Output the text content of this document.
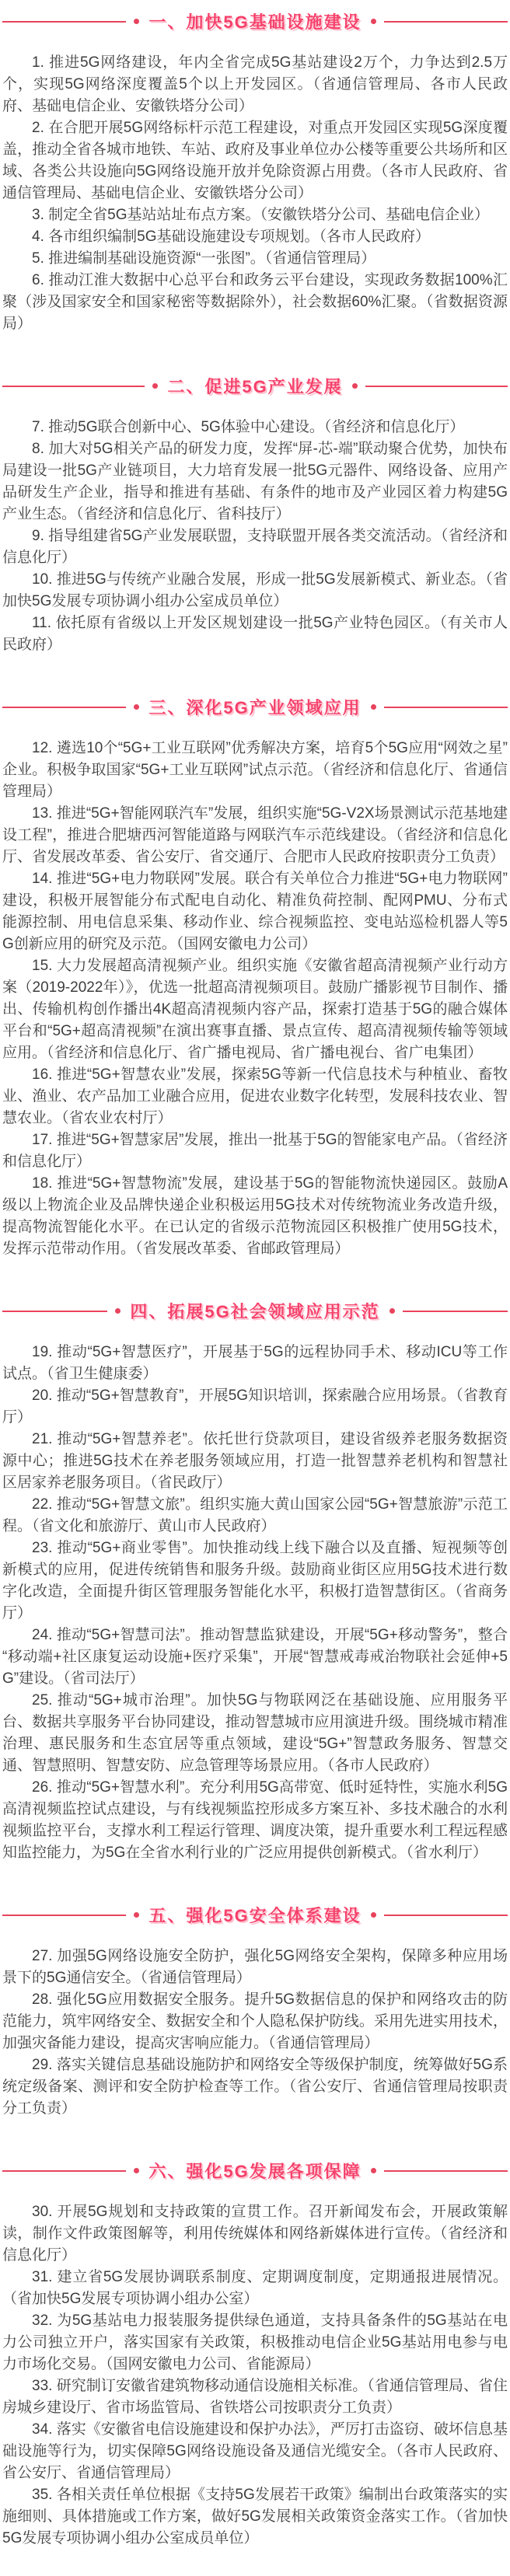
一、加快5G基础设施建设

1. 推进5G网络建设，年内全省完成5G基站建设2万个，力争达到2.5万个，实现5G网络深度覆盖5个以上开发园区。（省通信管理局、各市人民政府、基础电信企业、安徽铁塔分公司）

2. 在合肥开展5G网络标杆示范工程建设，对重点开发园区实现5G深度覆盖，推动全省各城市地铁、车站、政府及事业单位办公楼等重要公共场所和区域、各类公共设施向5G网络设施开放并免除资源占用费。（各市人民政府、省通信管理局、基础电信企业、安徽铁塔分公司）

3. 制定全省5G基站站址布点方案。（安徽铁塔分公司、基础电信企业）

4. 各市组织编制5G基础设施建设专项规划。（各市人民政府）

5. 推进编制基础设施资源“一张图”。（省通信管理局）

6. 推动江淮大数据中心总平台和政务云平台建设，实现政务数据100%汇聚（涉及国家安全和国家秘密等数据除外），社会数据60%汇聚。（省数据资源局）

二、促进5G产业发展

7. 推动5G联合创新中心、5G体验中心建设。（省经济和信息化厅）

8. 加大对5G相关产品的研发力度，发挥“屏-芯-端”联动聚合优势，加快布局建设一批5G产业链项目，大力培育发展一批5G元器件、网络设备、应用产品研发生产企业，指导和推进有基础、有条件的地市及产业园区着力构建5G产业生态。（省经济和信息化厅、省科技厅）

9. 指导组建省5G产业发展联盟，支持联盟开展各类交流活动。（省经济和信息化厅）

10. 推进5G与传统产业融合发展，形成一批5G发展新模式、新业态。（省加快5G发展专项协调小组办公室成员单位）

11. 依托原有省级以上开发区规划建设一批5G产业特色园区。（有关市人民政府）

三、深化5G产业领域应用

12. 遴选10个“5G+工业互联网”优秀解决方案，培育5个5G应用“网效之星”企业。积极争取国家“5G+工业互联网”试点示范。（省经济和信息化厅、省通信管理局）

13. 推进“5G+智能网联汽车”发展，组织实施“5G-V2X场景测试示范基地建设工程”，推进合肥塘西河智能道路与网联汽车示范线建设。（省经济和信息化厅、省发展改革委、省公安厅、省交通厅、合肥市人民政府按职责分工负责）

14. 推进“5G+电力物联网”发展。联合有关单位合力推进“5G+电力物联网”建设，积极开展智能分布式配电自动化、精准负荷控制、配网PMU、分布式能源控制、用电信息采集、移动作业、综合视频监控、变电站巡检机器人等5G创新应用的研究及示范。（国网安徽电力公司）

15. 大力发展超高清视频产业。组织实施《安徽省超高清视频产业行动方案（2019-2022年）》，优选一批超高清视频项目。鼓励广播影视节目制作、播出、传输机构创作播出4K超高清视频内容产品，探索打造基于5G的融合媒体平台和“5G+超高清视频”在演出赛事直播、景点宣传、超高清视频传输等领域应用。（省经济和信息化厅、省广播电视局、省广播电视台、省广电集团）

16. 推进“5G+智慧农业”发展，探索5G等新一代信息技术与种植业、畜牧业、渔业、农产品加工业融合应用，促进农业数字化转型，发展科技农业、智慧农业。（省农业农村厅）

17. 推进“5G+智慧家居”发展，推出一批基于5G的智能家电产品。（省经济和信息化厅）

18. 推进“5G+智慧物流”发展，建设基于5G的智能物流快递园区。鼓励A级以上物流企业及品牌快递企业积极运用5G技术对传统物流业务改造升级，提高物流智能化水平。在已认定的省级示范物流园区积极推广使用5G技术，发挥示范带动作用。（省发展改革委、省邮政管理局）

四、拓展5G社会领域应用示范

19. 推动“5G+智慧医疗”，开展基于5G的远程协同手术、移动ICU等工作试点。（省卫生健康委）

20. 推动“5G+智慧教育”，开展5G知识培训，探索融合应用场景。（省教育厅）

21. 推动“5G+智慧养老”。依托世行贷款项目，建设省级养老服务数据资源中心；推进5G技术在养老服务领域应用，打造一批智慧养老机构和智慧社区居家养老服务项目。（省民政厅）

22. 推动“5G+智慧文旅”。组织实施大黄山国家公园“5G+智慧旅游”示范工程。（省文化和旅游厅、黄山市人民政府）

23. 推动“5G+商业零售”。加快推动线上线下融合以及直播、短视频等创新模式的应用，促进传统销售和服务升级。鼓励商业街区应用5G技术进行数字化改造，全面提升街区管理服务智能化水平，积极打造智慧街区。（省商务厅）

24. 推动“5G+智慧司法”。推动智慧监狱建设，开展“5G+移动警务”，整合“移动端+社区康复运动设施+医疗采集”，开展“智慧戒毒戒治物联社会延伸+5G”建设。（省司法厅）

25. 推动“5G+城市治理”。加快5G与物联网泛在基础设施、应用服务平台、数据共享服务平台协同建设，推动智慧城市应用演进升级。围绕城市精准治理、惠民服务和生态宜居等重点领域，建设“5G+”智慧政务服务、智慧交通、智慧照明、智慧安防、应急管理等场景应用。（各市人民政府）

26. 推动“5G+智慧水利”。充分利用5G高带宽、低时延特性，实施水利5G高清视频监控试点建设，与有线视频监控形成多方案互补、多技术融合的水利视频监控平台，支撑水利工程运行管理、调度决策，提升重要水利工程远程感知监控能力，为5G在全省水利行业的广泛应用提供创新模式。（省水利厅）

五、强化5G安全体系建设

27. 加强5G网络设施安全防护，强化5G网络安全架构，保障多种应用场景下的5G通信安全。（省通信管理局）

28. 强化5G应用数据安全服务。提升5G数据信息的保护和网络攻击的防范能力，筑牢网络安全、数据安全和个人隐私保护防线。采用先进实用技术，加强灾备能力建设，提高灾害响应能力。（省通信管理局）

29. 落实关键信息基础设施防护和网络安全等级保护制度，统筹做好5G系统定级备案、测评和安全防护检查等工作。（省公安厅、省通信管理局按职责分工负责）

六、强化5G发展各项保障

30. 开展5G规划和支持政策的宣贯工作。召开新闻发布会，开展政策解读，制作文件政策图解等，利用传统媒体和网络新媒体进行宣传。（省经济和信息化厅）

31. 建立省5G发展协调联系制度、定期调度制度，定期通报进展情况。（省加快5G发展专项协调小组办公室）

32. 为5G基站电力报装服务提供绿色通道，支持具备条件的5G基站在电力公司独立开户，落实国家有关政策，积极推动电信企业5G基站用电参与电力市场化交易。（国网安徽电力公司、省能源局）

33. 研究制订安徽省建筑物移动通信设施相关标准。（省通信管理局、省住房城乡建设厅、省市场监管局、省铁塔公司按职责分工负责）

34. 落实《安徽省电信设施建设和保护办法》，严厉打击盗窃、破坏信息基础设施等行为，切实保障5G网络设施设备及通信光缆安全。（各市人民政府、省公安厅、省通信管理局）

35. 各相关责任单位根据《支持5G发展若干政策》编制出台政策落实的实施细则、具体措施或工作方案，做好5G发展相关政策资金落实工作。（省加快5G发展专项协调小组办公室成员单位）
